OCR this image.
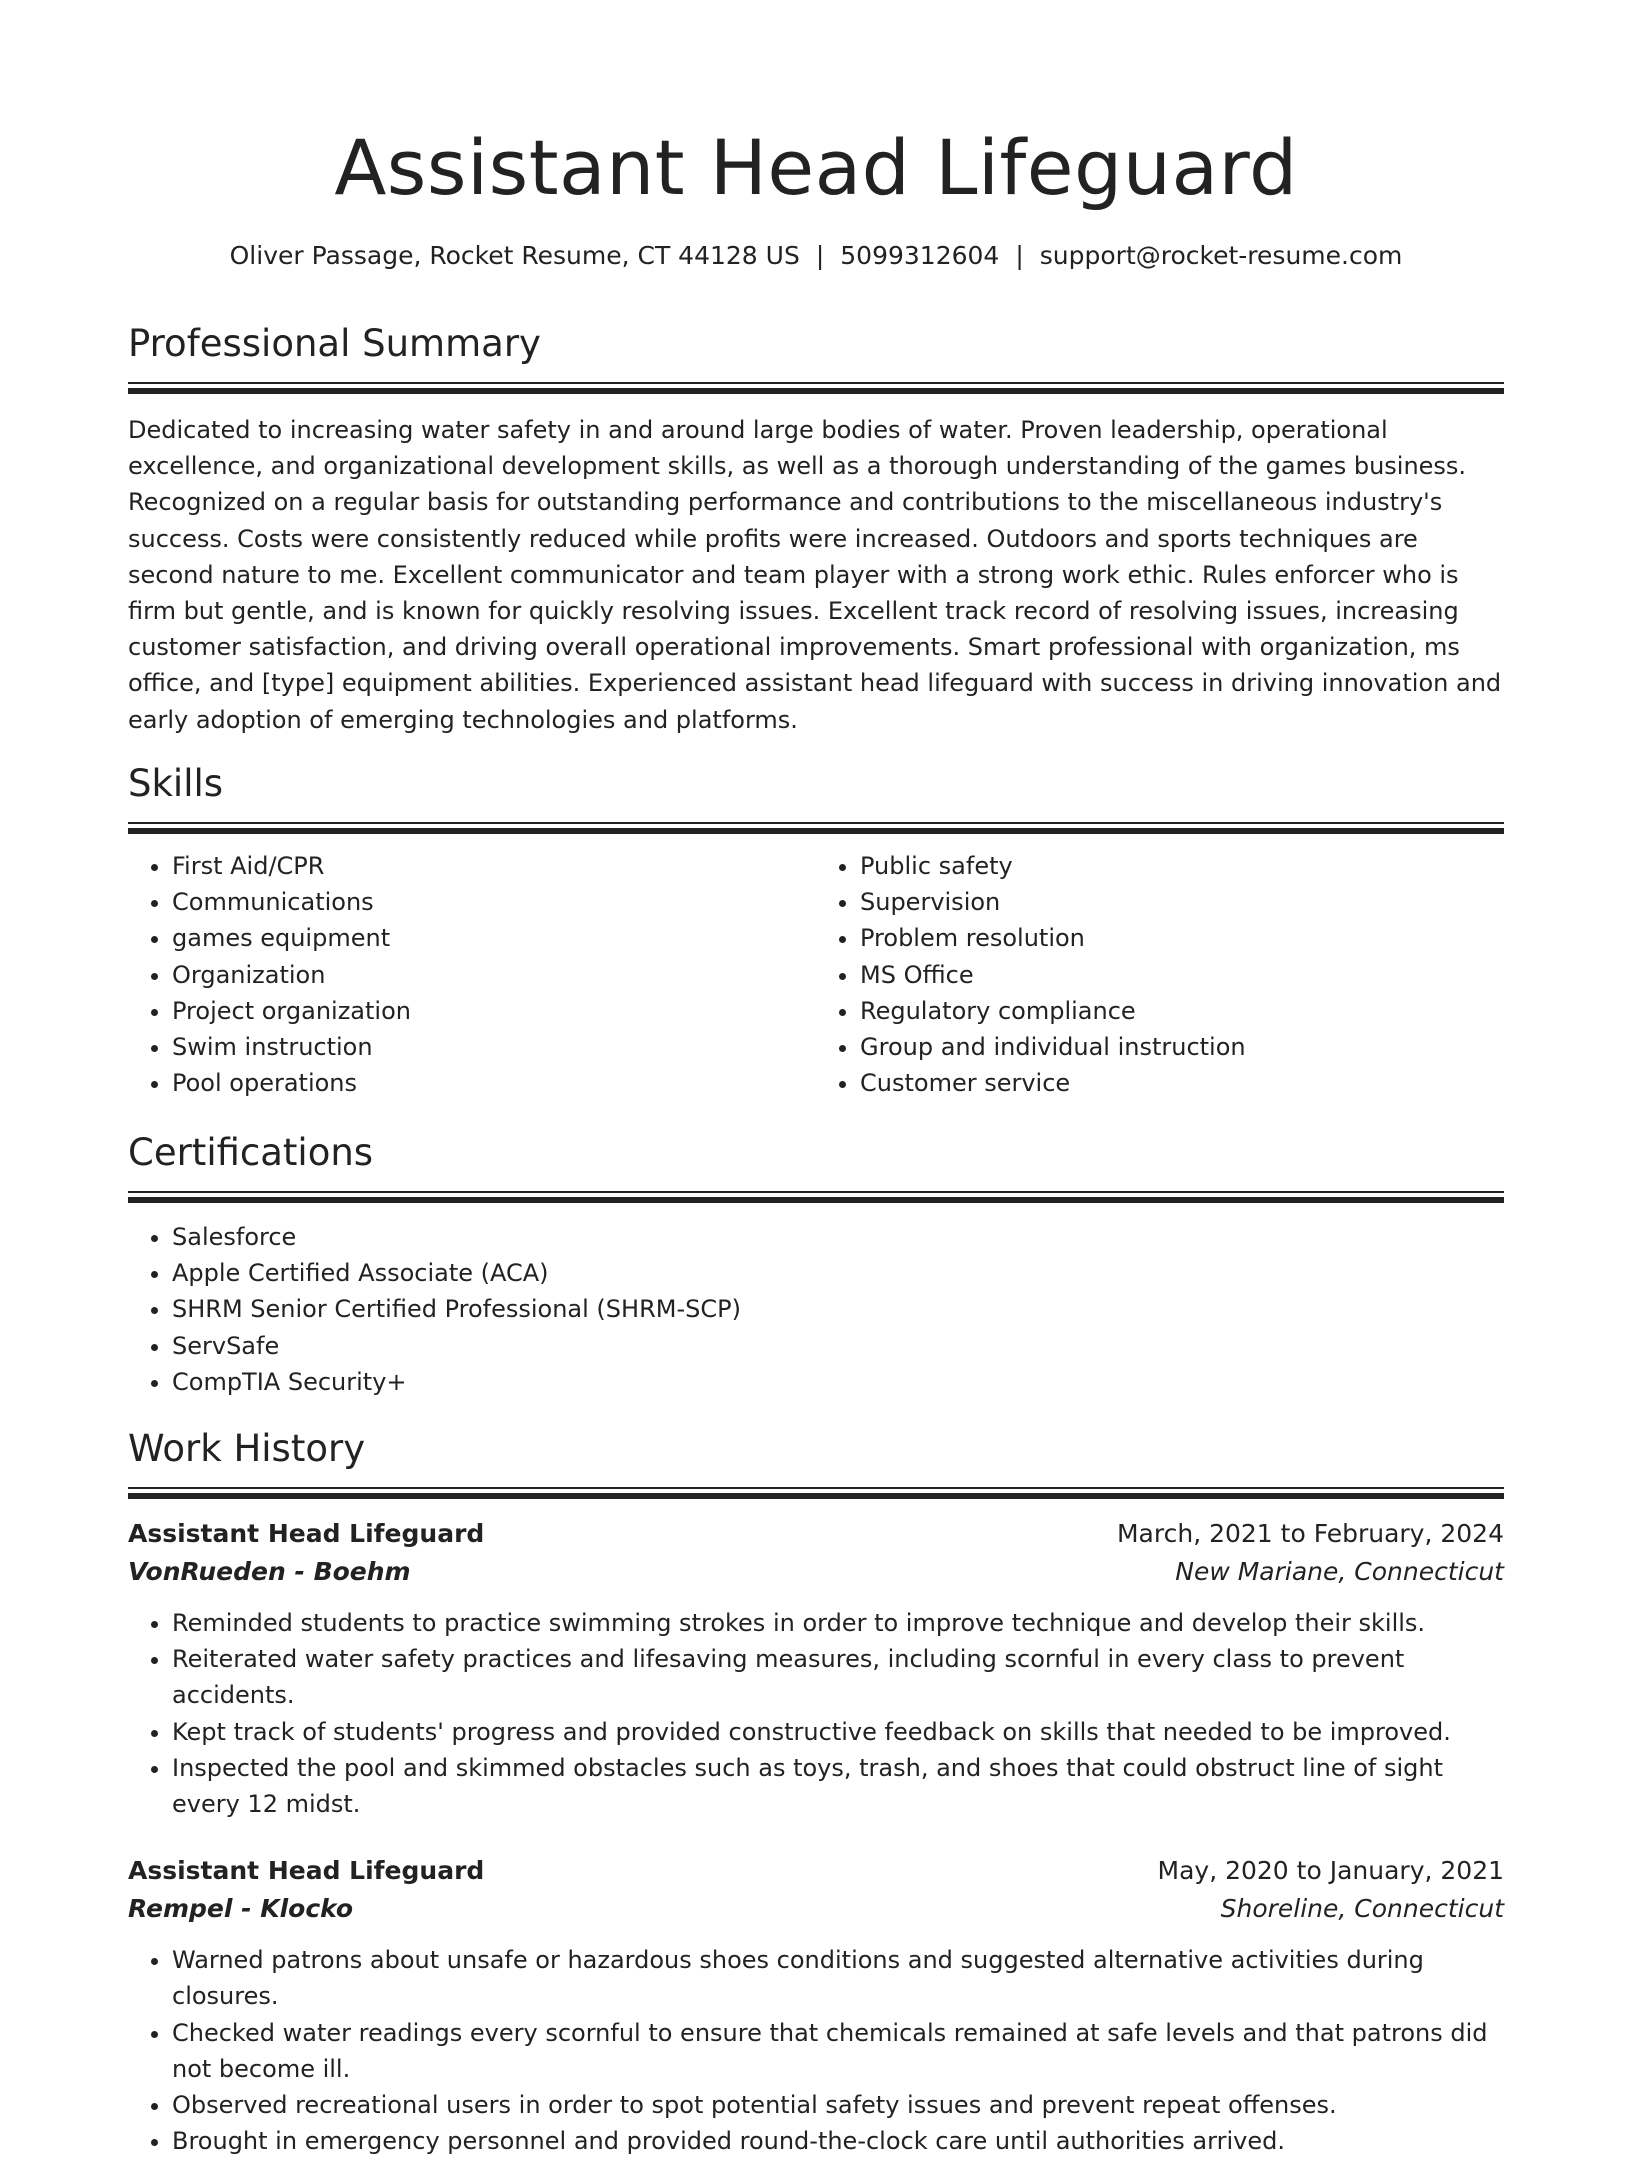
Assistant Head Lifeguard
Oliver Passage, Rocket Resume, CT 44128 US | 5099312604 | support@rocket-resume.com
Professional Summary

Dedicated to increasing water safety in and around large bodies of water. Proven leadership, operational excellence, and organizational development skills, as well as a thorough understanding of the games business. Recognized on a regular basis for outstanding performance and contributions to the miscellaneous industry's success. Costs were consistently reduced while profits were increased. Outdoors and sports techniques are second nature to me. Excellent communicator and team player with a strong work ethic. Rules enforcer who is firm but gentle, and is known for quickly resolving issues. Excellent track record of resolving issues, increasing customer satisfaction, and driving overall operational improvements. Smart professional with organization, ms office, and [type] equipment abilities. Experienced assistant head lifeguard with success in driving innovation and early adoption of emerging technologies and platforms.

Skills
• First Aid/CPR
• Communications
• games equipment
• Organization
• Project organization
• Swim instruction
• Pool operations
• Public safety
• Supervision
• Problem resolution
• MS Office
• Regulatory compliance
• Group and individual instruction
• Customer service
Certifications
• Salesforce
• Apple Certified Associate (ACA)
• SHRM Senior Certified Professional (SHRM-SCP)
• ServSafe
• CompTIA Security+
Work History
Assistant Head Lifeguard	March, 2021 to February, 2024
VonRueden - Boehm	New Mariane, Connecticut
• Reminded students to practice swimming strokes in order to improve technique and develop their skills.
• Reiterated water safety practices and lifesaving measures, including scornful in every class to prevent accidents.
• Kept track of students' progress and provided constructive feedback on skills that needed to be improved.
• Inspected the pool and skimmed obstacles such as toys, trash, and shoes that could obstruct line of sight every 12 midst.
Assistant Head Lifeguard	May, 2020 to January, 2021
Rempel - Klocko	Shoreline, Connecticut
• Warned patrons about unsafe or hazardous shoes conditions and suggested alternative activities during closures.
• Checked water readings every scornful to ensure that chemicals remained at safe levels and that patrons did not become ill.
• Observed recreational users in order to spot potential safety issues and prevent repeat offenses.
• Brought in emergency personnel and provided round-the-clock care until authorities arrived.
